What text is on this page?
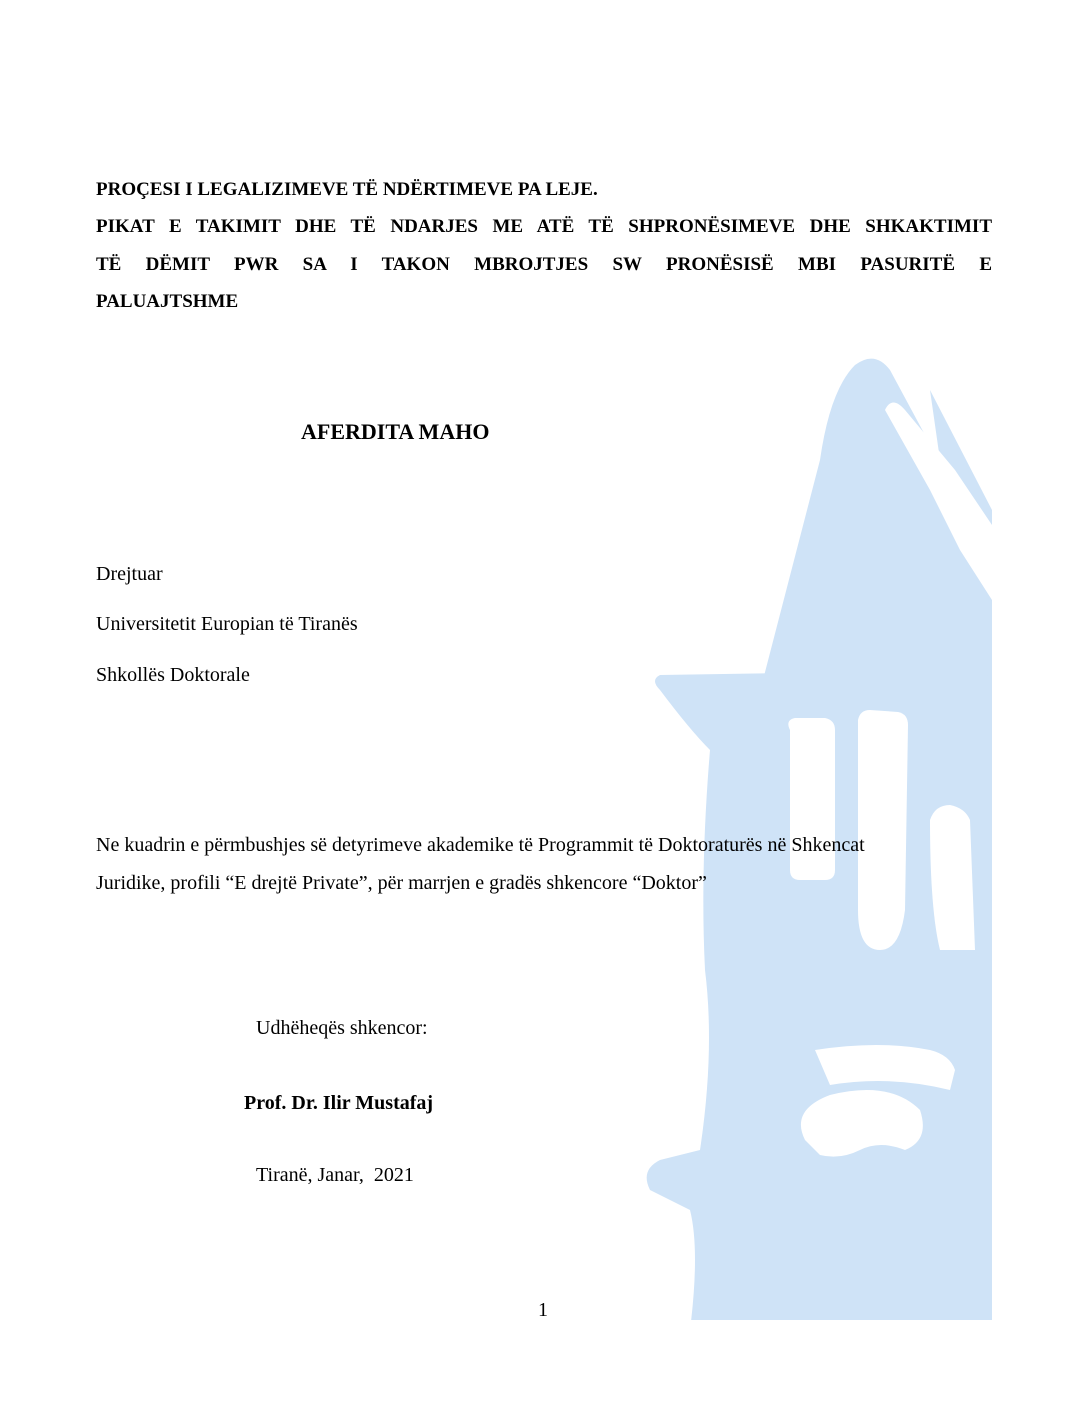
PROÇESI I LEGALIZIMEVE TË NDËRTIMEVE PA LEJE.
PIKAT E TAKIMIT DHE TË NDARJES ME ATË TË SHPRONËSIMEVE DHE SHKAKTIMIT
TË DËMIT PWR SA I TAKON MBROJTJES SW PRONËSISË MBI PASURITË E
PALUAJTSHME
AFERDITA MAHO
Drejtuar
Universitetit Europian të Tiranës
Shkollës Doktorale
Ne kuadrin e përmbushjes së detyrimeve akademike të Programmit të Doktoraturës në Shkencat
Juridike, profili “E drejtë Private”, për marrjen e gradës shkencore “Doktor”
Udhëheqës shkencor:
Prof. Dr. Ilir Mustafaj
Tiranë, Janar,  2021
1
